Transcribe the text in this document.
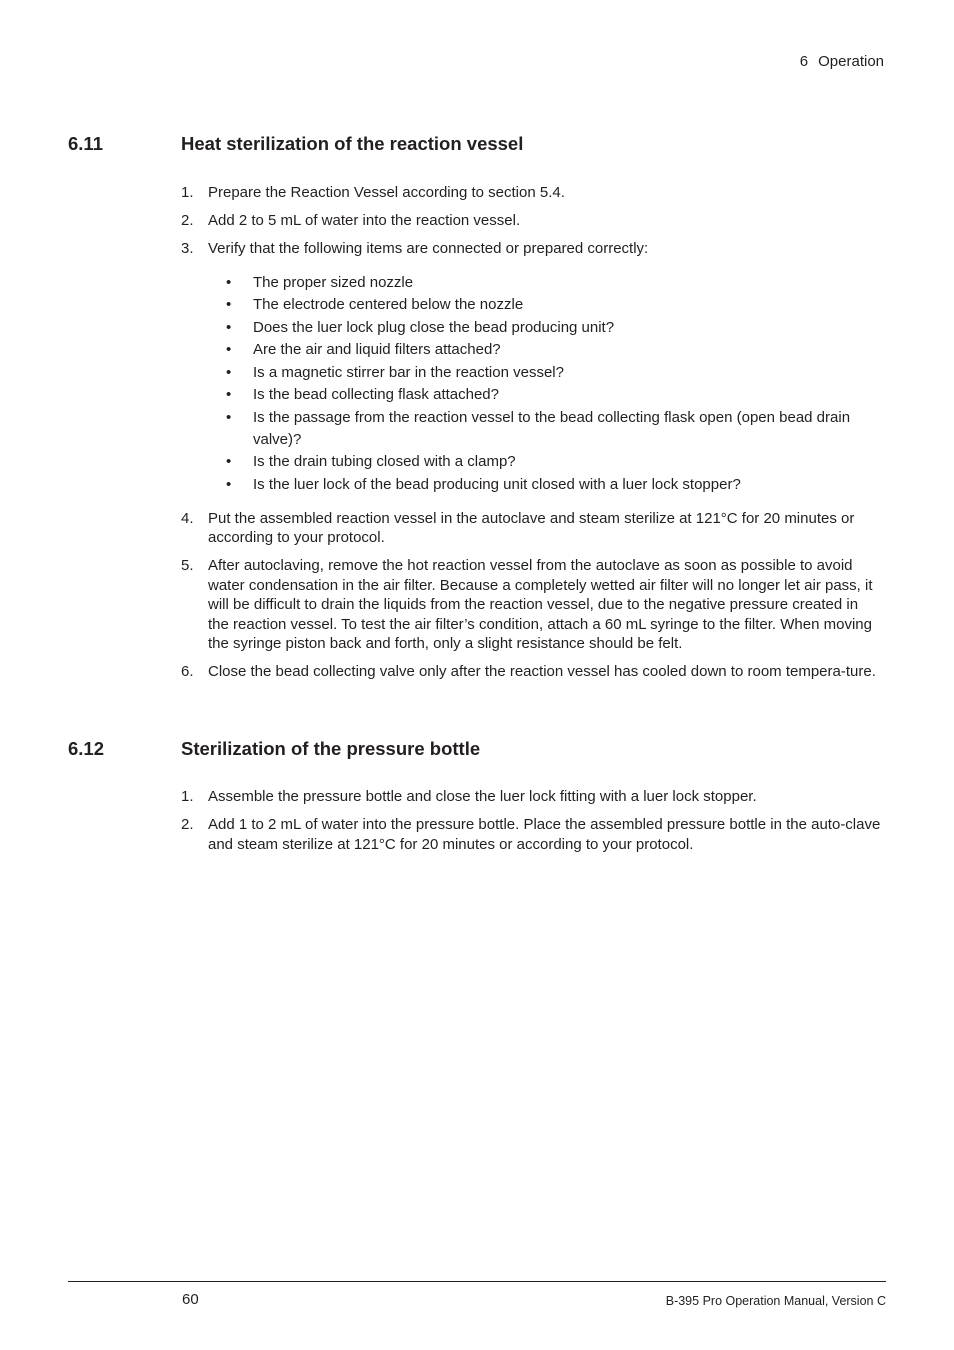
6 Operation
6.11	Heat sterilization of the reaction vessel
1. Prepare the Reaction Vessel according to section 5.4.
2. Add 2 to 5 mL of water into the reaction vessel.
3. Verify that the following items are connected or prepared correctly:
• The proper sized nozzle
• The electrode centered below the nozzle
• Does the luer lock plug close the bead producing unit?
• Are the air and liquid filters attached?
• Is a magnetic stirrer bar in the reaction vessel?
• Is the bead collecting flask attached?
• Is the passage from the reaction vessel to the bead collecting flask open (open bead drain valve)?
• Is the drain tubing closed with a clamp?
• Is the luer lock of the bead producing unit closed with a luer lock stopper?
4. Put the assembled reaction vessel in the autoclave and steam sterilize at 121°C for 20 minutes or according to your protocol.
5. After autoclaving, remove the hot reaction vessel from the autoclave as soon as possible to avoid water condensation in the air filter. Because a completely wetted air filter will no longer let air pass, it will be difficult to drain the liquids from the reaction vessel, due to the negative pressure created in the reaction vessel. To test the air filter’s condition, attach a 60 mL syringe to the filter. When moving the syringe piston back and forth, only a slight resistance should be felt.
6. Close the bead collecting valve only after the reaction vessel has cooled down to room tempera-ture.
6.12	Sterilization of the pressure bottle
1. Assemble the pressure bottle and close the luer lock fitting with a luer lock stopper.
2. Add 1 to 2 mL of water into the pressure bottle. Place the assembled pressure bottle in the auto-clave and steam sterilize at 121°C for 20 minutes or according to your protocol.
60	B-395 Pro Operation Manual, Version C
